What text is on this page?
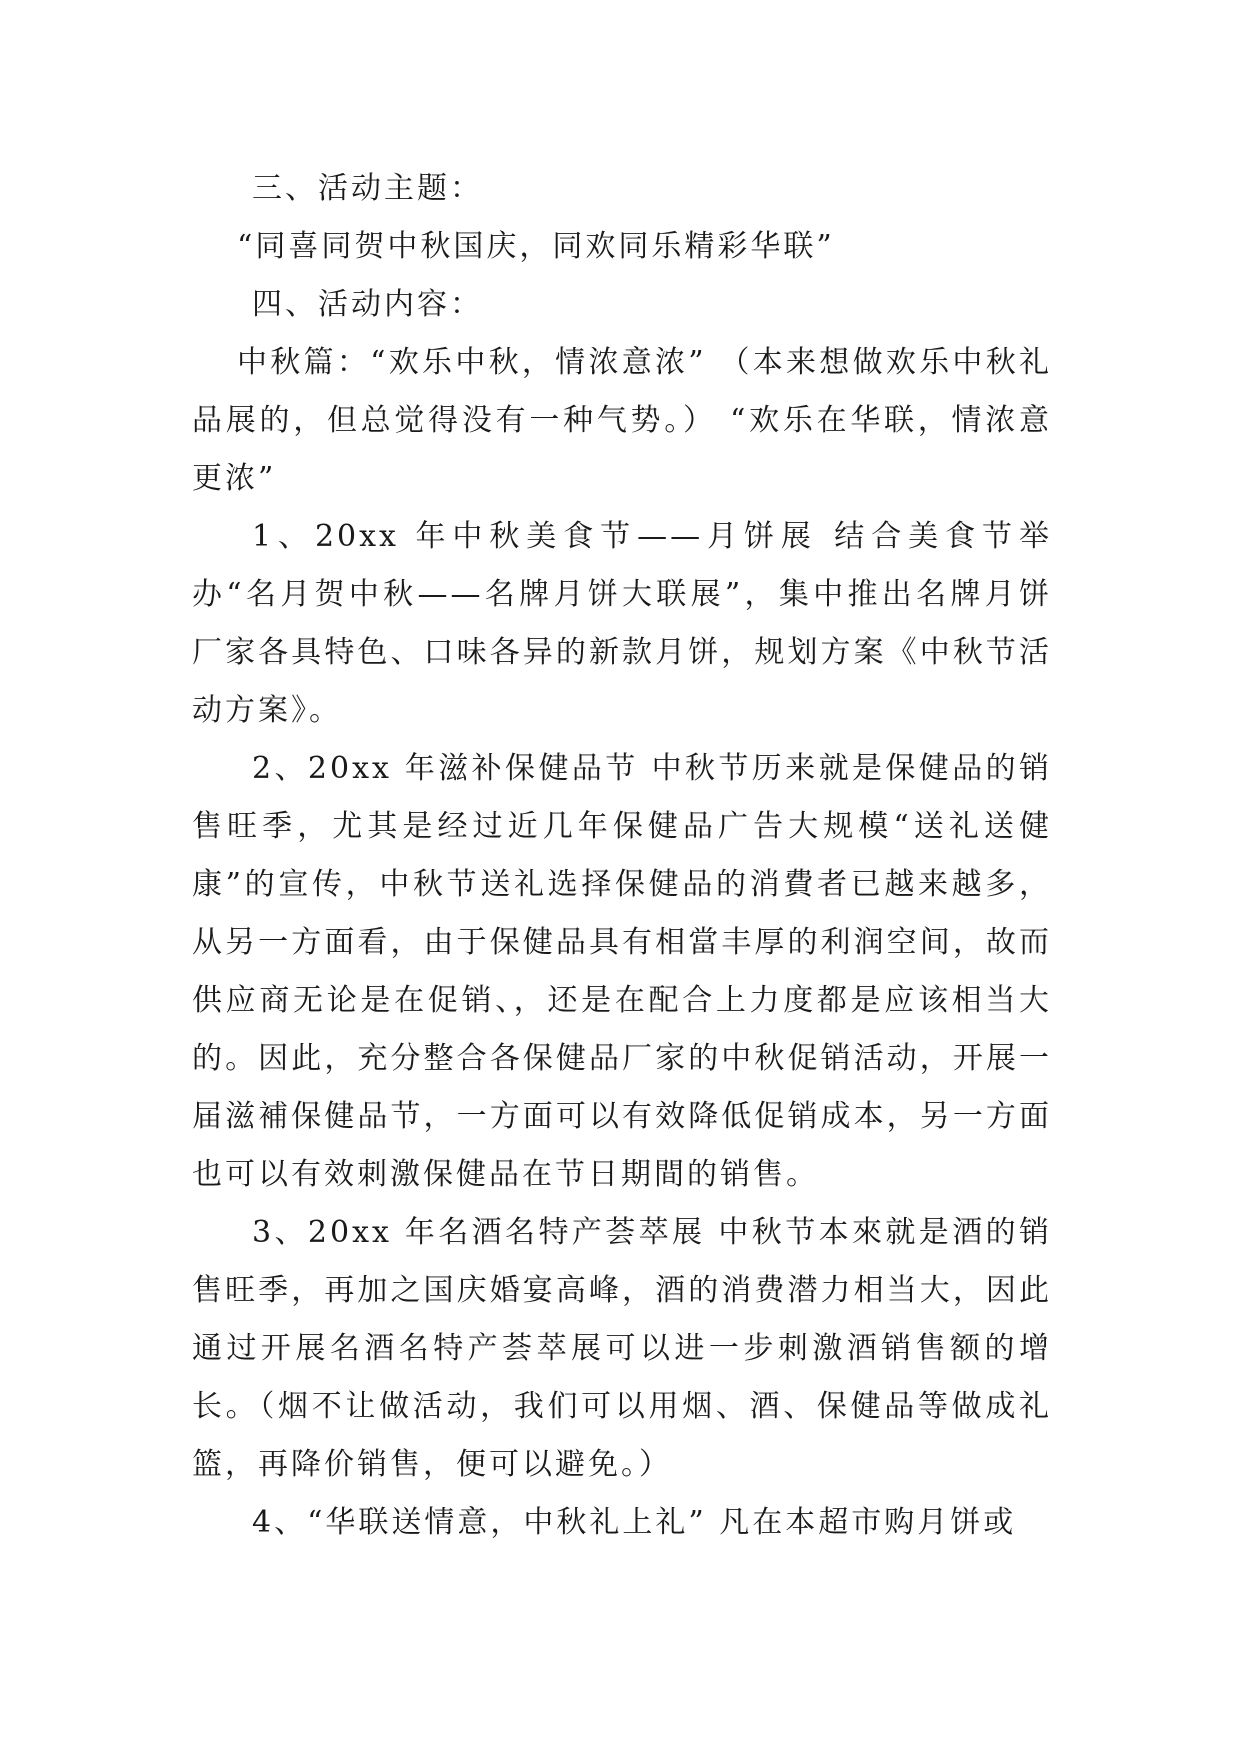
三、活动主题：

“同喜同贺中秋国庆，同欢同乐精彩华联”

四、活动内容：

中秋篇：“欢乐中秋，情浓意浓” （本来想做欢乐中秋礼品展的，但总觉得没有一种气势。） “欢乐在华联，情浓意更浓”

1、20xx 年中秋美食节——月饼展 结合美食节举办“名月贺中秋——名牌月饼大联展”，集中推出名牌月饼厂家各具特色、口味各异的新款月饼，规划方案《中秋节活动方案》。

2、20xx 年滋补保健品节 中秋节历来就是保健品的销售旺季，尤其是经过近几年保健品广告大规模“送礼送健康”的宣传，中秋节送礼选择保健品的消費者已越来越多，从另一方面看，由于保健品具有相當丰厚的利润空间，故而供应商无论是在促销、，还是在配合上力度都是应该相当大的。因此，充分整合各保健品厂家的中秋促销活动，开展一届滋補保健品节，一方面可以有效降低促销成本，另一方面也可以有效刺激保健品在节日期間的销售。

3、20xx 年名酒名特产荟萃展 中秋节本來就是酒的销售旺季，再加之国庆婚宴高峰，酒的消费潜力相当大，因此通过开展名酒名特产荟萃展可以进一步刺激酒销售额的增长。（烟不让做活动，我们可以用烟、酒、保健品等做成礼篮，再降价销售，便可以避免。）

4、“华联送情意，中秋礼上礼” 凡在本超市购月饼或
